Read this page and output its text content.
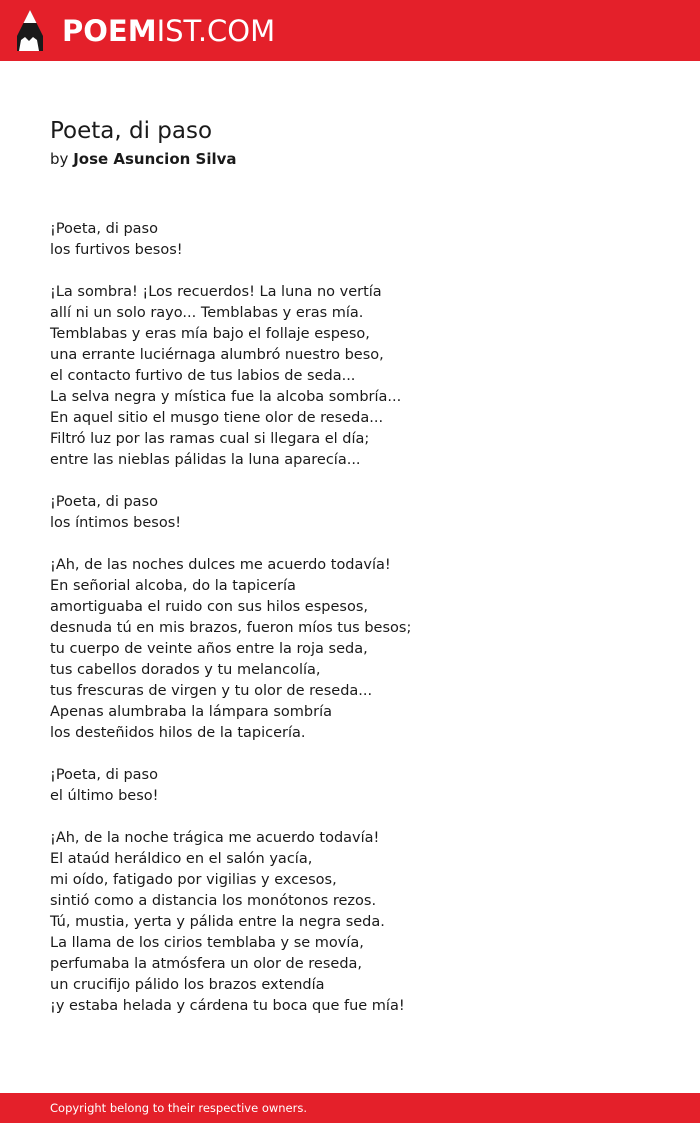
POEMIST.COM
Poeta, di paso
by Jose Asuncion Silva
¡Poeta, di paso
los furtivos besos!
¡La sombra! ¡Los recuerdos! La luna no vertía
allí ni un solo rayo... Temblabas y eras mía.
Temblabas y eras mía bajo el follaje espeso,
una errante luciérnaga alumbró nuestro beso,
el contacto furtivo de tus labios de seda...
La selva negra y mística fue la alcoba sombría...
En aquel sitio el musgo tiene olor de reseda...
Filtró luz por las ramas cual si llegara el día;
entre las nieblas pálidas la luna aparecía...
¡Poeta, di paso
los íntimos besos!
¡Ah, de las noches dulces me acuerdo todavía!
En señorial alcoba, do la tapicería
amortiguaba el ruido con sus hilos espesos,
desnuda tú en mis brazos, fueron míos tus besos;
tu cuerpo de veinte años entre la roja seda,
tus cabellos dorados y tu melancolía,
tus frescuras de virgen y tu olor de reseda...
Apenas alumbraba la lámpara sombría
los desteñidos hilos de la tapicería.
¡Poeta, di paso
el último beso!
¡Ah, de la noche trágica me acuerdo todavía!
El ataúd heráldico en el salón yacía,
mi oído, fatigado por vigilias y excesos,
sintió como a distancia los monótonos rezos.
Tú, mustia, yerta y pálida entre la negra seda.
La llama de los cirios temblaba y se movía,
perfumaba la atmósfera un olor de reseda,
un crucifijo pálido los brazos extendía
¡y estaba helada y cárdena tu boca que fue mía!
Copyright belong to their respective owners.
